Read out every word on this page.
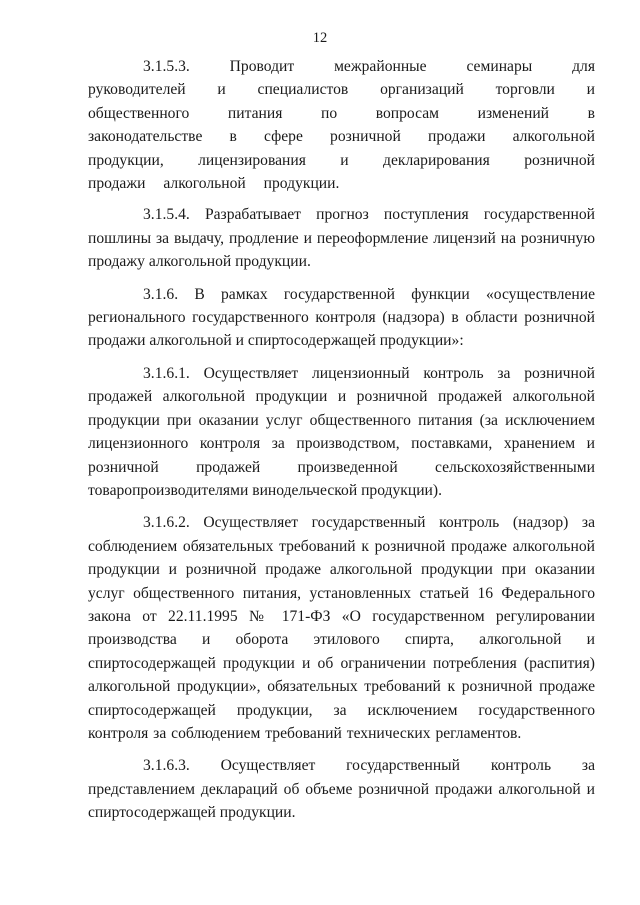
12

3.1.5.3. Проводит межрайонные семинары для руководителей и специалистов организаций торговли и общественного питания по вопросам изменений в законодательстве в сфере розничной продажи алкогольной продукции, лицензирования и декларирования розничной продажи алкогольной продукции.

3.1.5.4. Разрабатывает прогноз поступления государственной пошлины за выдачу, продление и переоформление лицензий на розничную продажу алкогольной продукции.

3.1.6. В рамках государственной функции «осуществление регионального государственного контроля (надзора) в области розничной продажи алкогольной и спиртосодержащей продукции»:

3.1.6.1. Осуществляет лицензионный контроль за розничной продажей алкогольной продукции и розничной продажей алкогольной продукции при оказании услуг общественного питания (за исключением лицензионного контроля за производством, поставками, хранением и розничной продажей произведенной сельскохозяйственными товаропроизводителями винодельческой продукции).

3.1.6.2. Осуществляет государственный контроль (надзор) за соблюдением обязательных требований к розничной продаже алкогольной продукции и розничной продаже алкогольной продукции при оказании услуг общественного питания, установленных статьей 16 Федерального закона от 22.11.1995 № 171-ФЗ «О государственном регулировании производства и оборота этилового спирта, алкогольной и спиртосодержащей продукции и об ограничении потребления (распития) алкогольной продукции», обязательных требований к розничной продаже спиртосодержащей продукции, за исключением государственного контроля за соблюдением требований технических регламентов.

3.1.6.3. Осуществляет государственный контроль за представлением деклараций об объеме розничной продажи алкогольной и спиртосодержащей продукции.
